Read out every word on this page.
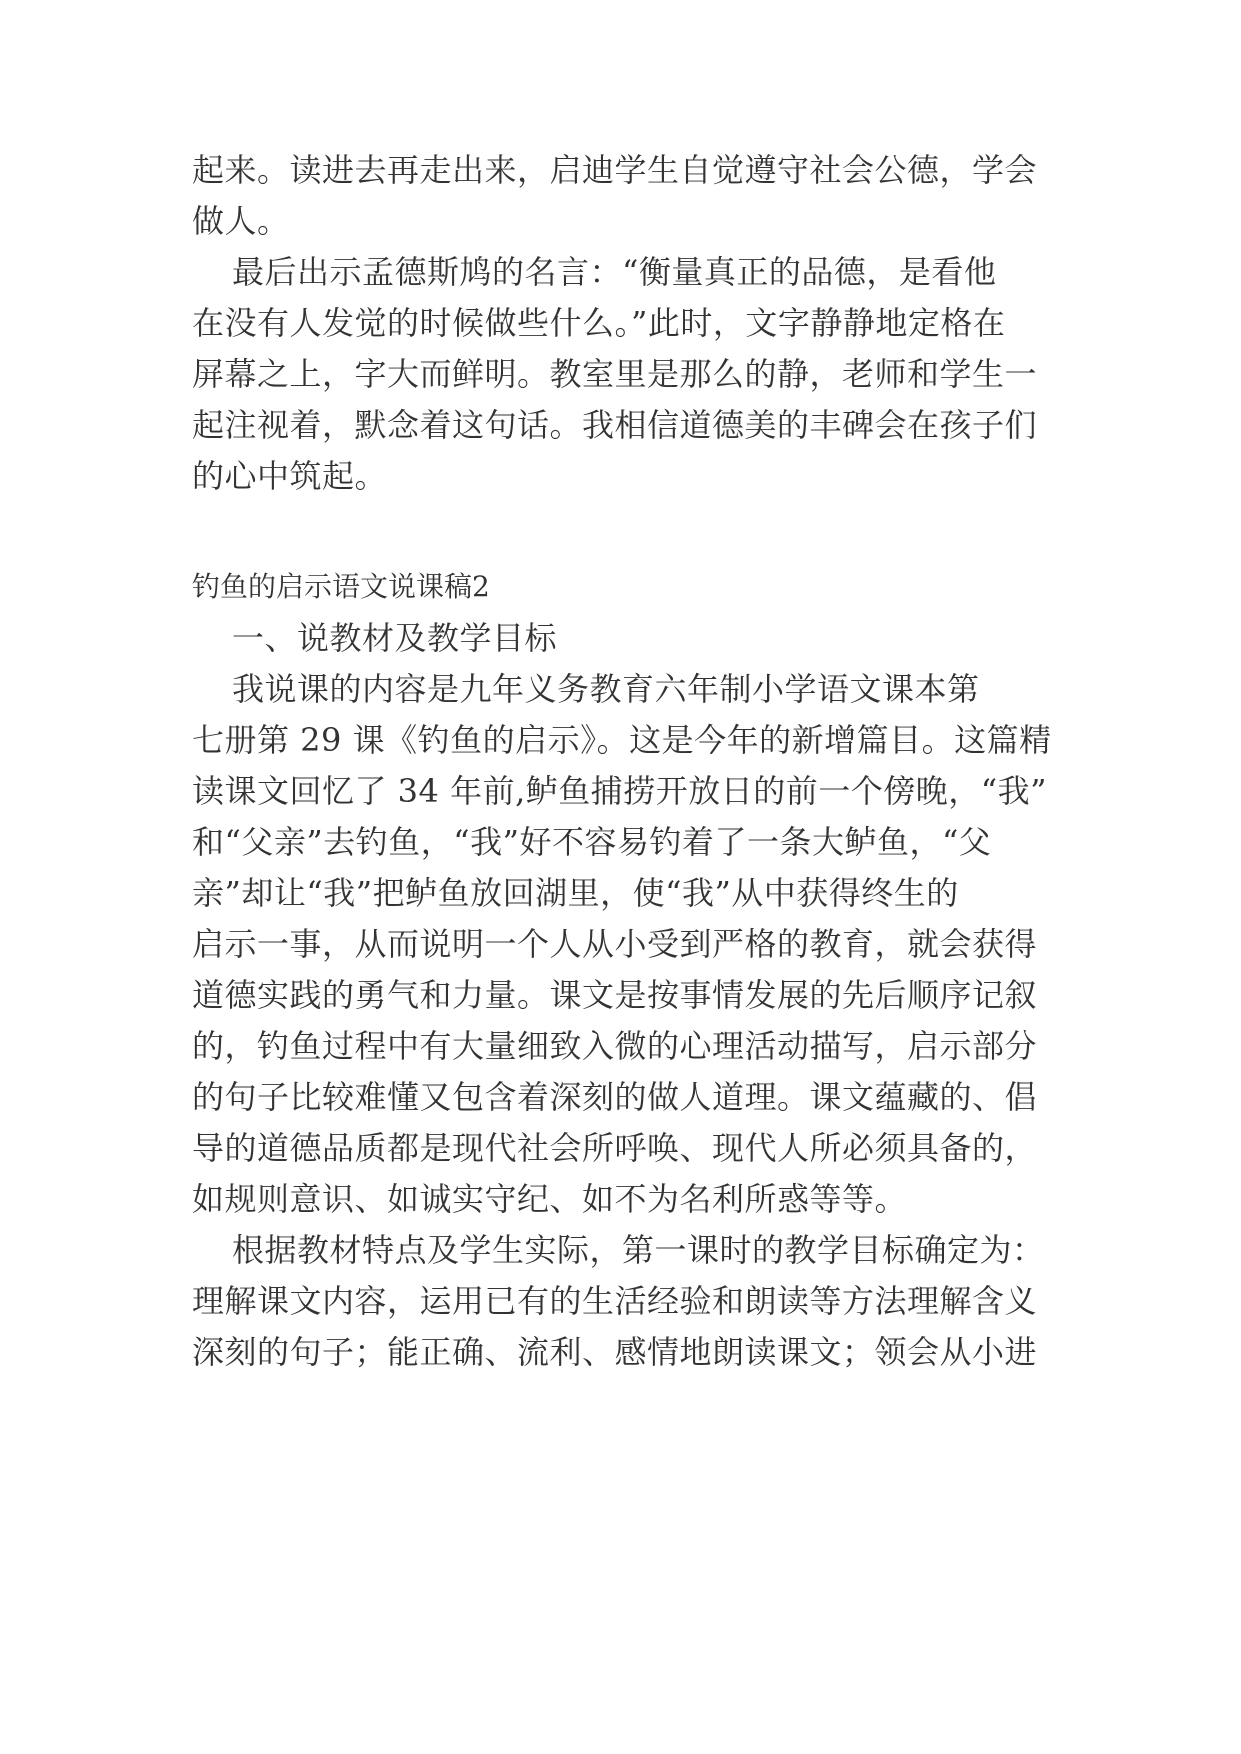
起来。读进去再走出来，启迪学生自觉遵守社会公德，学会
做人。
最后出示孟德斯鸠的名言：“衡量真正的品德，是看他
在没有人发觉的时候做些什么。”此时，文字静静地定格在
屏幕之上，字大而鲜明。教室里是那么的静，老师和学生一
起注视着，默念着这句话。我相信道德美的丰碑会在孩子们
的心中筑起。
钓鱼的启示语文说课稿2
一、说教材及教学目标
我说课的内容是九年义务教育六年制小学语文课本第
七册第 29 课《钓鱼的启示》。这是今年的新增篇目。这篇精
读课文回忆了 34 年前,鲈鱼捕捞开放日的前一个傍晚，“我”
和“父亲”去钓鱼，“我”好不容易钓着了一条大鲈鱼，“父
亲”却让“我”把鲈鱼放回湖里，使“我”从中获得终生的
启示一事，从而说明一个人从小受到严格的教育，就会获得
道德实践的勇气和力量。课文是按事情发展的先后顺序记叙
的，钓鱼过程中有大量细致入微的心理活动描写，启示部分
的句子比较难懂又包含着深刻的做人道理。课文蕴藏的、倡
导的道德品质都是现代社会所呼唤、现代人所必须具备的，
如规则意识、如诚实守纪、如不为名利所惑等等。
根据教材特点及学生实际，第一课时的教学目标确定为：
理解课文内容，运用已有的生活经验和朗读等方法理解含义
深刻的句子；能正确、流利、感情地朗读课文；领会从小进
